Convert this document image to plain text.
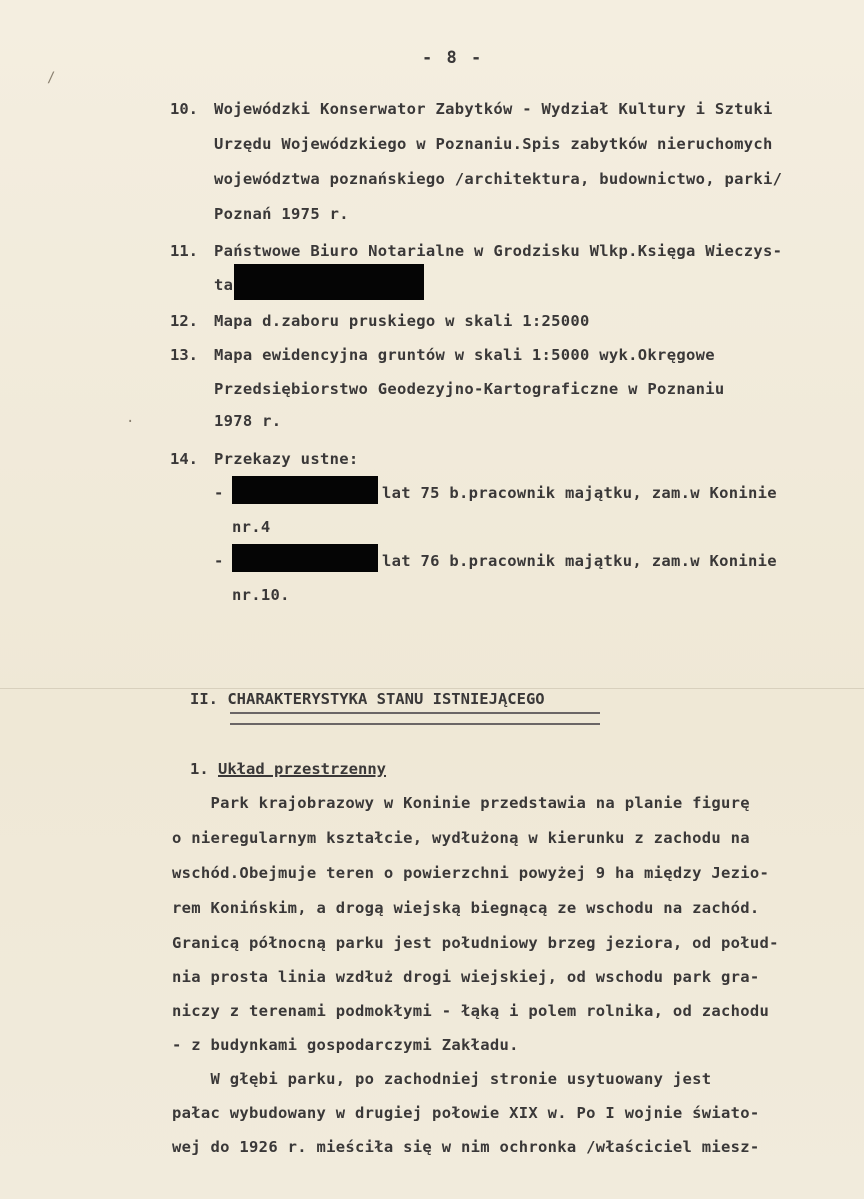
/
·
- 8 -
10. Wojewódzki Konserwator Zabytków - Wydział Kultury i Sztuki
Urzędu Wojewódzkiego w Poznaniu.Spis zabytków nieruchomych
województwa poznańskiego /architektura, budownictwo, parki/
Poznań 1975 r.
11. Państwowe Biuro Notarialne w Grodzisku Wlkp.Księga Wieczys-
ta
12. Mapa d.zaboru pruskiego w skali 1:25000
13. Mapa ewidencyjna gruntów w skali 1:5000 wyk.Okręgowe
Przedsiębiorstwo Geodezyjno-Kartograficzne w Poznaniu
1978 r.
14. Przekazy ustne:
-	lat 75 b.pracownik majątku, zam.w Koninie
nr.4
-	lat 76 b.pracownik majątku, zam.w Koninie
nr.10.
II. CHARAKTERYSTYKA STANU ISTNIEJĄCEGO
1. Układ przestrzenny
Park krajobrazowy w Koninie przedstawia na planie figurę
o nieregularnym kształcie, wydłużoną w kierunku z zachodu na
wschód.Obejmuje teren o powierzchni powyżej 9 ha między Jezio-
rem Konińskim, a drogą wiejską biegnącą ze wschodu na zachód.
Granicą północną parku jest południowy brzeg jeziora, od połud-
nia prosta linia wzdłuż drogi wiejskiej, od wschodu park gra-
niczy z terenami podmokłymi - łąką i polem rolnika, od zachodu
- z budynkami gospodarczymi Zakładu.
W głębi parku, po zachodniej stronie usytuowany jest
pałac wybudowany w drugiej połowie XIX w. Po I wojnie świato-
wej do 1926 r. mieściła się w nim ochronka /właściciel miesz-
